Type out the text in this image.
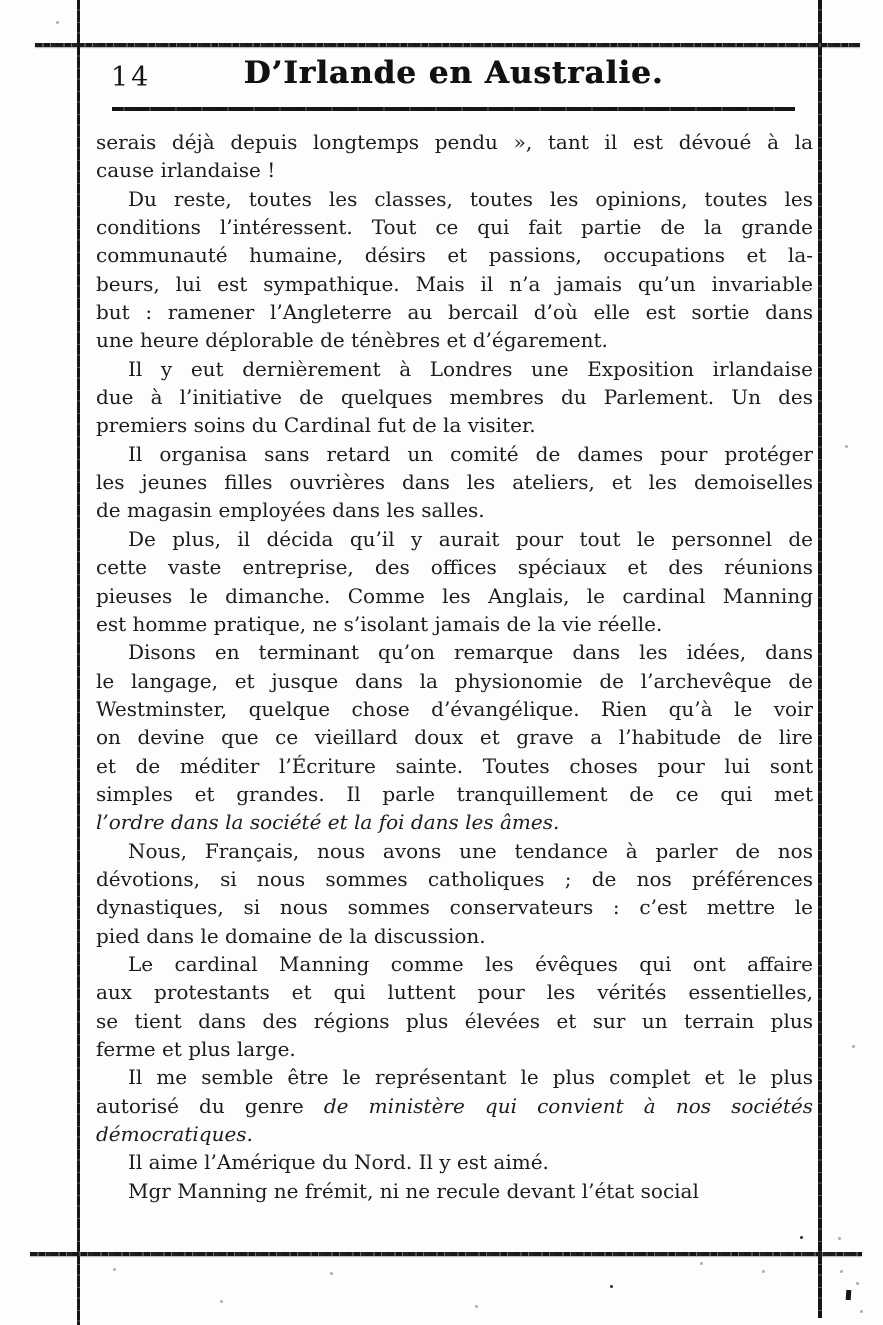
14	D’Irlande en Australie.
serais déjà depuis longtemps pendu », tant il est dévoué à la
cause irlandaise !
Du reste, toutes les classes, toutes les opinions, toutes les
conditions l’intéressent. Tout ce qui fait partie de la grande
communauté humaine, désirs et passions, occupations et la-
beurs, lui est sympathique. Mais il n’a jamais qu’un invariable
but : ramener l’Angleterre au bercail d’où elle est sortie dans
une heure déplorable de ténèbres et d’égarement.
Il y eut dernièrement à Londres une Exposition irlandaise
due à l’initiative de quelques membres du Parlement. Un des
premiers soins du Cardinal fut de la visiter.
Il organisa sans retard un comité de dames pour protéger
les jeunes filles ouvrières dans les ateliers, et les demoiselles
de magasin employées dans les salles.
De plus, il décida qu’il y aurait pour tout le personnel de
cette vaste entreprise, des offices spéciaux et des réunions
pieuses le dimanche. Comme les Anglais, le cardinal Manning
est homme pratique, ne s’isolant jamais de la vie réelle.
Disons en terminant qu’on remarque dans les idées, dans
le langage, et jusque dans la physionomie de l’archevêque de
Westminster, quelque chose d’évangélique. Rien qu’à le voir
on devine que ce vieillard doux et grave a l’habitude de lire
et de méditer l’Écriture sainte. Toutes choses pour lui sont
simples et grandes. Il parle tranquillement de ce qui met
l’ordre dans la société et la foi dans les âmes.
Nous, Français, nous avons une tendance à parler de nos
dévotions, si nous sommes catholiques ; de nos préférences
dynastiques, si nous sommes conservateurs : c’est mettre le
pied dans le domaine de la discussion.
Le cardinal Manning comme les évêques qui ont affaire
aux protestants et qui luttent pour les vérités essentielles,
se tient dans des régions plus élevées et sur un terrain plus
ferme et plus large.
Il me semble être le représentant le plus complet et le plus
autorisé du genre de ministère qui convient à nos sociétés
démocratiques.
Il aime l’Amérique du Nord. Il y est aimé.
Mgr Manning ne frémit, ni ne recule devant l’état social
